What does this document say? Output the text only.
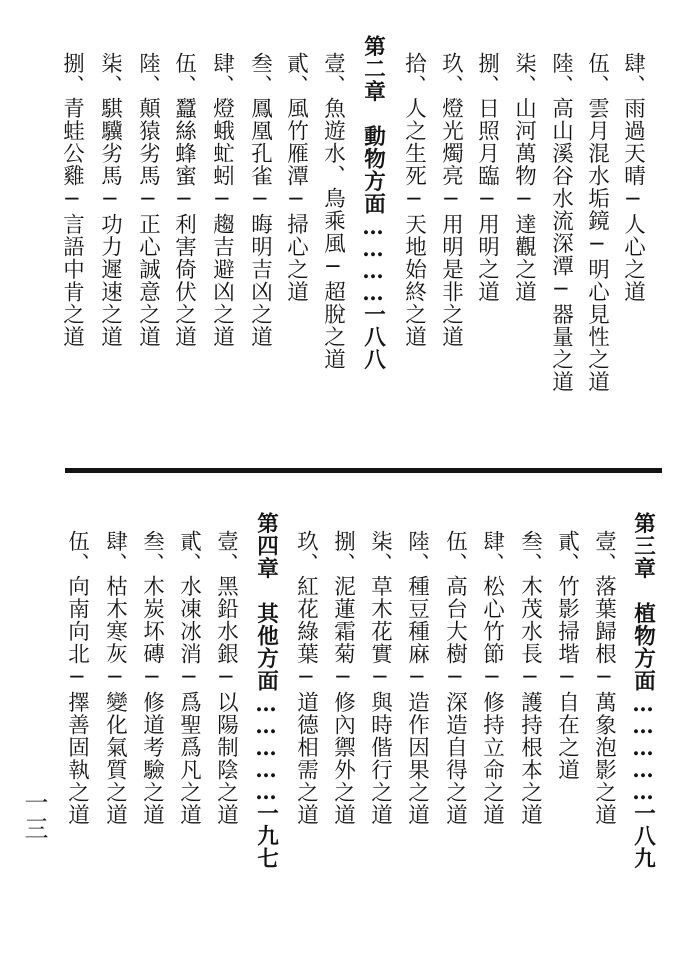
肆、雨過天晴─人心之道
伍、雲月混水垢鏡─明心見性之道
陸、高山溪谷水流深潭─器量之道
柒、山河萬物─達觀之道
捌、日照月臨─用明之道
玖、燈光燭亮─用明是非之道
拾、人之生死─天地始終之道
第二章　動物方面…………一八八
壹、魚遊水、鳥乘風─超脫之道
貳、風竹雁潭─掃心之道
叁、鳳凰孔雀─晦明吉凶之道
肆、燈蛾虻蚓─趨吉避凶之道
伍、蠶絲蜂蜜─利害倚伏之道
陸、顛猿劣馬─正心誠意之道
柒、騏驥劣馬─功力遲速之道
捌、青蛙公雞─言語中肯之道
第三章　植物方面……………一八九
壹、落葉歸根─萬象泡影之道
貳、竹影掃堦─自在之道
叁、木茂水長─護持根本之道
肆、松心竹節─修持立命之道
伍、高台大樹─深造自得之道
陸、種豆種麻─造作因果之道
柒、草木花實─與時偕行之道
捌、泥蓮霜菊─修內禦外之道
玖、紅花綠葉─道德相需之道
第四章　其他方面……………一九七
壹、黑鉛水銀─以陽制陰之道
貳、水凍冰消─爲聖爲凡之道
叁、木炭坏磚─修道考驗之道
肆、枯木寒灰─變化氣質之道
伍、向南向北─擇善固執之道
一三
